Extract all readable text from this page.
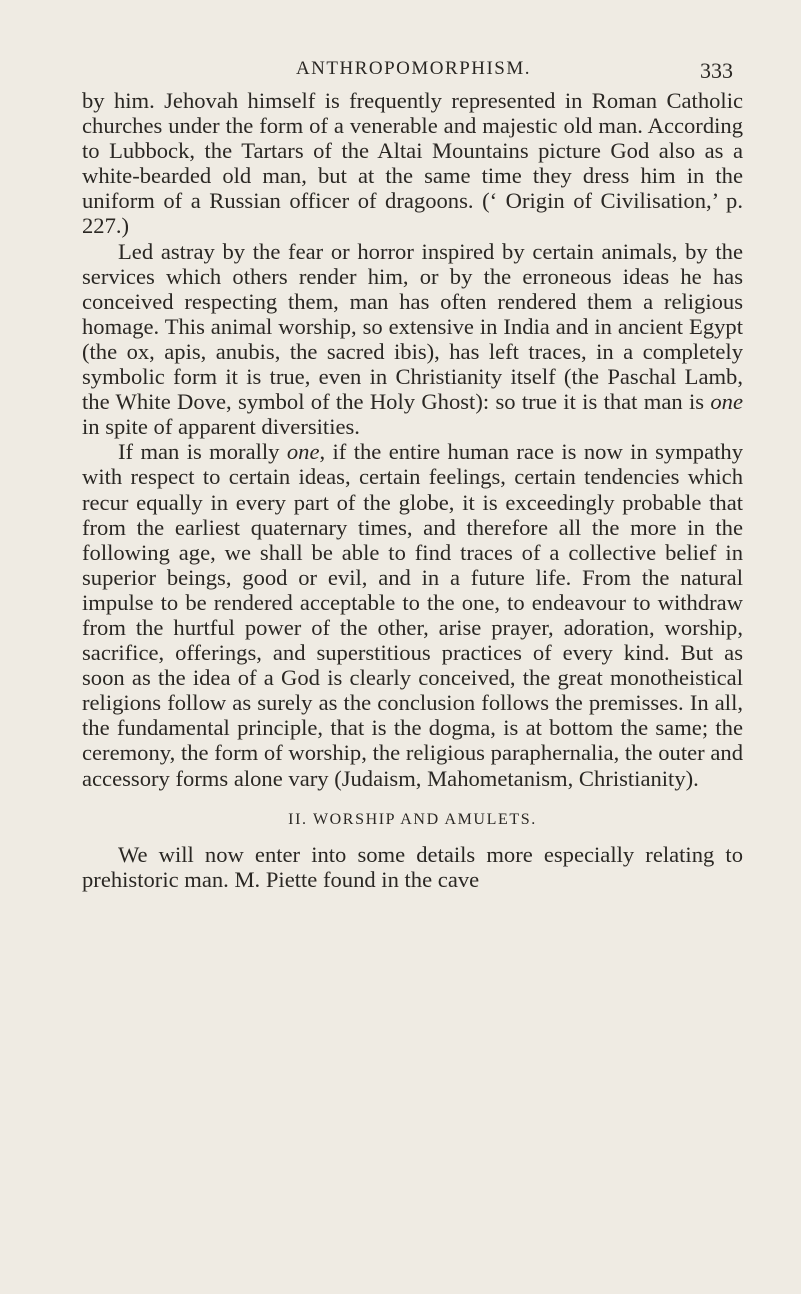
ANTHROPOMORPHISM.	333

by him. Jehovah himself is frequently represented in Roman Catholic churches under the form of a venerable and majestic old man. According to Lubbock, the Tartars of the Altai Mountains picture God also as a white-bearded old man, but at the same time they dress him in the uniform of a Russian officer of dragoons. (‘ Origin of Civilisation,’ p. 227.)

Led astray by the fear or horror inspired by certain animals, by the services which others render him, or by the erroneous ideas he has conceived respecting them, man has often rendered them a religious homage. This animal worship, so extensive in India and in ancient Egypt (the ox, apis, anubis, the sacred ibis), has left traces, in a completely symbolic form it is true, even in Christianity itself (the Paschal Lamb, the White Dove, symbol of the Holy Ghost): so true it is that man is one in spite of apparent diversities.

If man is morally one, if the entire human race is now in sympathy with respect to certain ideas, certain feelings, certain tendencies which recur equally in every part of the globe, it is exceedingly probable that from the earliest quaternary times, and therefore all the more in the following age, we shall be able to find traces of a collective belief in superior beings, good or evil, and in a future life. From the natural impulse to be rendered acceptable to the one, to endeavour to withdraw from the hurtful power of the other, arise prayer, adoration, worship, sacrifice, offerings, and superstitious practices of every kind. But as soon as the idea of a God is clearly conceived, the great monotheistical religions follow as surely as the conclusion follows the premisses. In all, the fundamental principle, that is the dogma, is at bottom the same; the ceremony, the form of worship, the religious paraphernalia, the outer and accessory forms alone vary (Judaism, Mahometanism, Christianity).

II. WORSHIP AND AMULETS.

We will now enter into some details more especially relating to prehistoric man. M. Piette found in the cave
